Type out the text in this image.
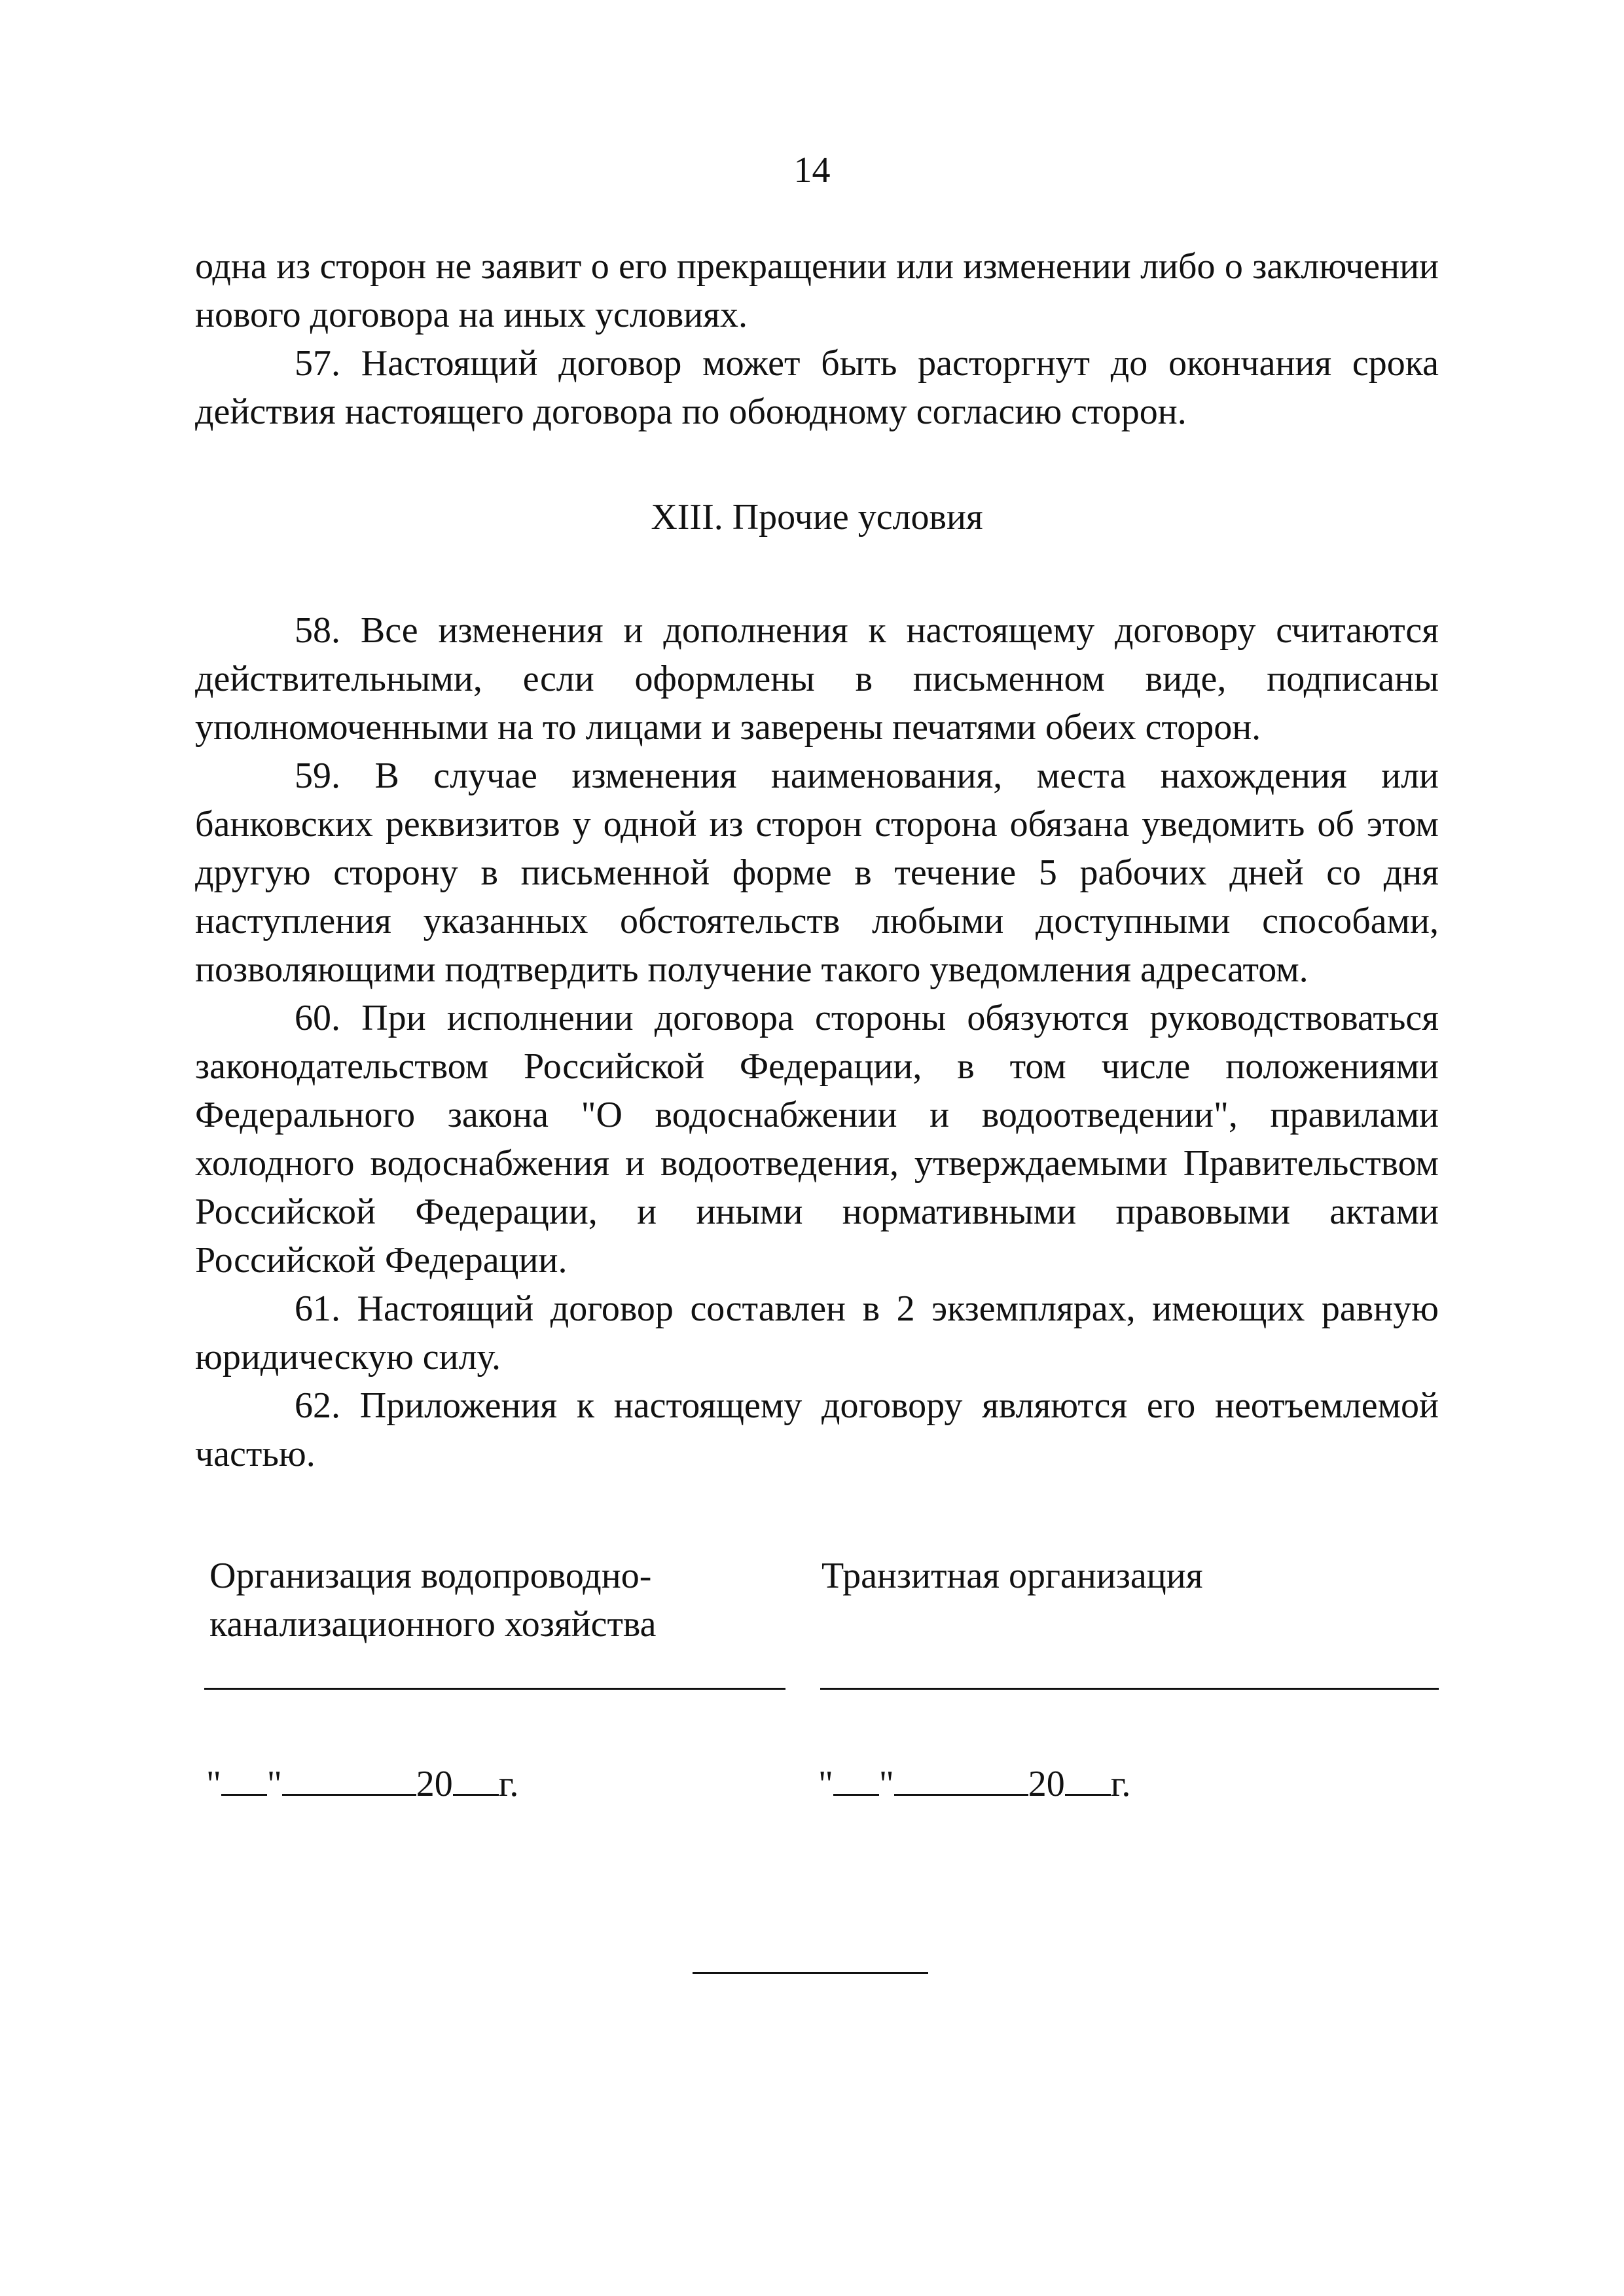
14

одна из сторон не заявит о его прекращении или изменении либо о заключении нового договора на иных условиях.

57. Настоящий договор может быть расторгнут до окончания срока действия настоящего договора по обоюдному согласию сторон.

XIII. Прочие условия

58. Все изменения и дополнения к настоящему договору считаются действительными, если оформлены в письменном виде, подписаны уполномоченными на то лицами и заверены печатями обеих сторон.

59. В случае изменения наименования, места нахождения или банковских реквизитов у одной из сторон сторона обязана уведомить об этом другую сторону в письменной форме в течение 5 рабочих дней со дня наступления указанных обстоятельств любыми доступными способами, позволяющими подтвердить получение такого уведомления адресатом.

60. При исполнении договора стороны обязуются руководствоваться законодательством Российской Федерации, в том числе положениями Федерального закона "О водоснабжении и водоотведении", правилами холодного водоснабжения и водоотведения, утверждаемыми Правительством Российской Федерации, и иными нормативными правовыми актами Российской Федерации.

61. Настоящий договор составлен в 2 экземплярах, имеющих равную юридическую силу.

62. Приложения к настоящему договору являются его неотъемлемой частью.

Организация водопроводно-канализационного хозяйства

" "	20 г.

Транзитная организация

" "	20 г.
